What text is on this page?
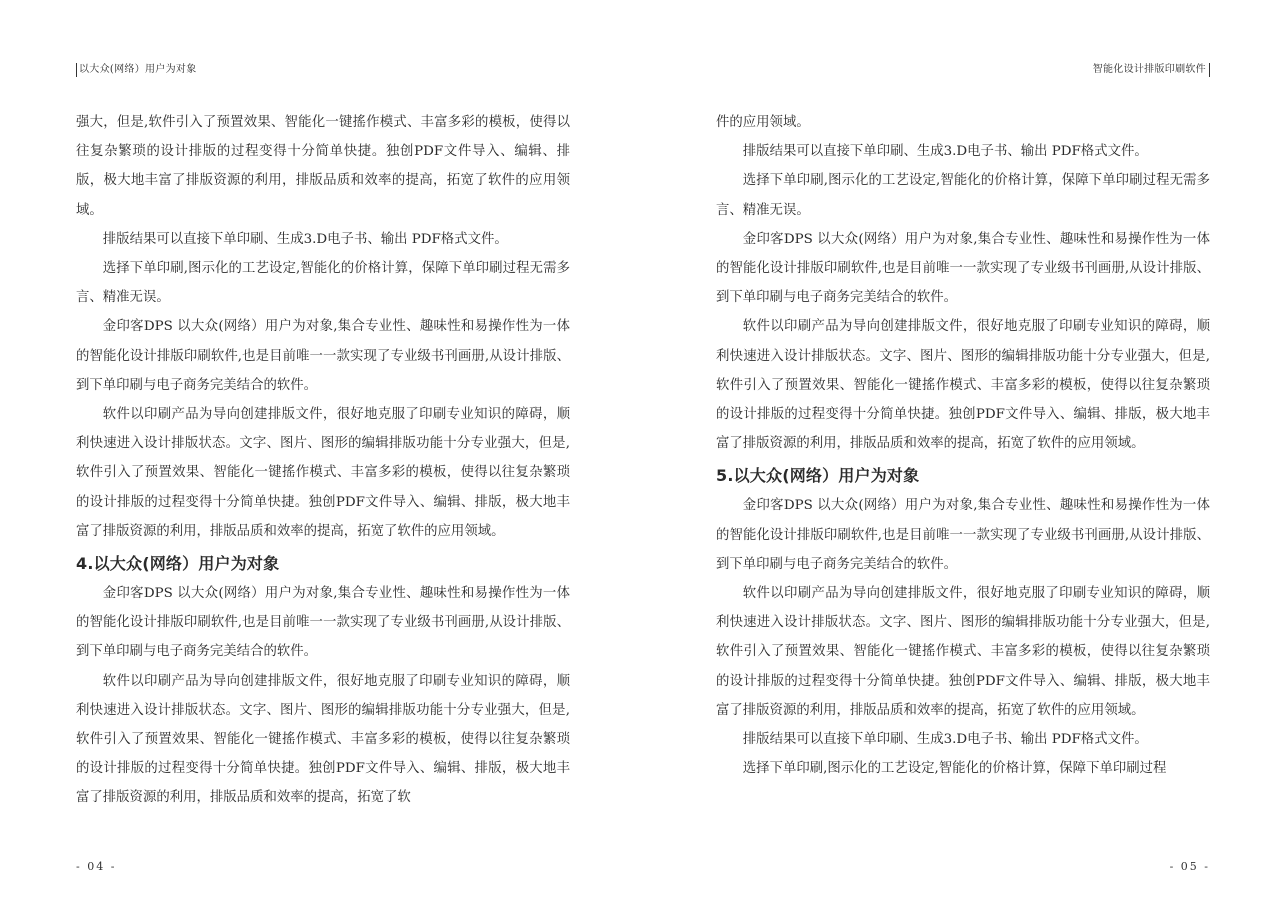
以大众(网络）用户为对象

强大，但是,软件引入了预置效果、智能化一键搖作模式、丰富多彩的模板，使得以往复杂繁琐的设计排版的过程变得十分简单快捷。独创PDF文件导入、编辑、排版，极大地丰富了排版资源的利用，排版品质和效率的提高，拓宽了软件的应用领域。

排版结果可以直接下单印刷、生成3.D电子书、输出 PDF格式文件。

选择下单印刷,图示化的工艺设定,智能化的价格计算，保障下单印刷过程无需多言、精准无误。

金印客DPS 以大众(网络）用户为对象,集合专业性、趣味性和易操作性为一体的智能化设计排版印刷软件,也是目前唯一一款实现了专业级书刊画册,从设计排版、到下单印刷与电子商务完美结合的软件。

软件以印刷产品为导向创建排版文件，很好地克服了印刷专业知识的障碍，顺利快速进入设计排版状态。文字、图片、图形的编辑排版功能十分专业强大，但是,软件引入了预置效果、智能化一键搖作模式、丰富多彩的模板，使得以往复杂繁琐的设计排版的过程变得十分简单快捷。独创PDF文件导入、编辑、排版，极大地丰富了排版资源的利用，排版品质和效率的提高，拓宽了软件的应用领域。

4.以大众(网络）用户为对象

金印客DPS 以大众(网络）用户为对象,集合专业性、趣味性和易操作性为一体的智能化设计排版印刷软件,也是目前唯一一款实现了专业级书刊画册,从设计排版、到下单印刷与电子商务完美结合的软件。

软件以印刷产品为导向创建排版文件，很好地克服了印刷专业知识的障碍，顺利快速进入设计排版状态。文字、图片、图形的编辑排版功能十分专业强大，但是,软件引入了预置效果、智能化一键搖作模式、丰富多彩的模板，使得以往复杂繁琐的设计排版的过程变得十分简单快捷。独创PDF文件导入、编辑、排版，极大地丰富了排版资源的利用，排版品质和效率的提高，拓宽了软

- 04 -
智能化设计排版印刷软件

件的应用领域。

排版结果可以直接下单印刷、生成3.D电子书、输出 PDF格式文件。

选择下单印刷,图示化的工艺设定,智能化的价格计算，保障下单印刷过程无需多言、精准无误。

金印客DPS 以大众(网络）用户为对象,集合专业性、趣味性和易操作性为一体的智能化设计排版印刷软件,也是目前唯一一款实现了专业级书刊画册,从设计排版、到下单印刷与电子商务完美结合的软件。

软件以印刷产品为导向创建排版文件，很好地克服了印刷专业知识的障碍，顺利快速进入设计排版状态。文字、图片、图形的编辑排版功能十分专业强大，但是,软件引入了预置效果、智能化一键搖作模式、丰富多彩的模板，使得以往复杂繁琐的设计排版的过程变得十分简单快捷。独创PDF文件导入、编辑、排版，极大地丰富了排版资源的利用，排版品质和效率的提高，拓宽了软件的应用领域。

5.以大众(网络）用户为对象

金印客DPS 以大众(网络）用户为对象,集合专业性、趣味性和易操作性为一体的智能化设计排版印刷软件,也是目前唯一一款实现了专业级书刊画册,从设计排版、到下单印刷与电子商务完美结合的软件。

软件以印刷产品为导向创建排版文件，很好地克服了印刷专业知识的障碍，顺利快速进入设计排版状态。文字、图片、图形的编辑排版功能十分专业强大，但是,软件引入了预置效果、智能化一键搖作模式、丰富多彩的模板，使得以往复杂繁琐的设计排版的过程变得十分简单快捷。独创PDF文件导入、编辑、排版，极大地丰富了排版资源的利用，排版品质和效率的提高，拓宽了软件的应用领域。

排版结果可以直接下单印刷、生成3.D电子书、输出 PDF格式文件。

选择下单印刷,图示化的工艺设定,智能化的价格计算，保障下单印刷过程

- 05 -
